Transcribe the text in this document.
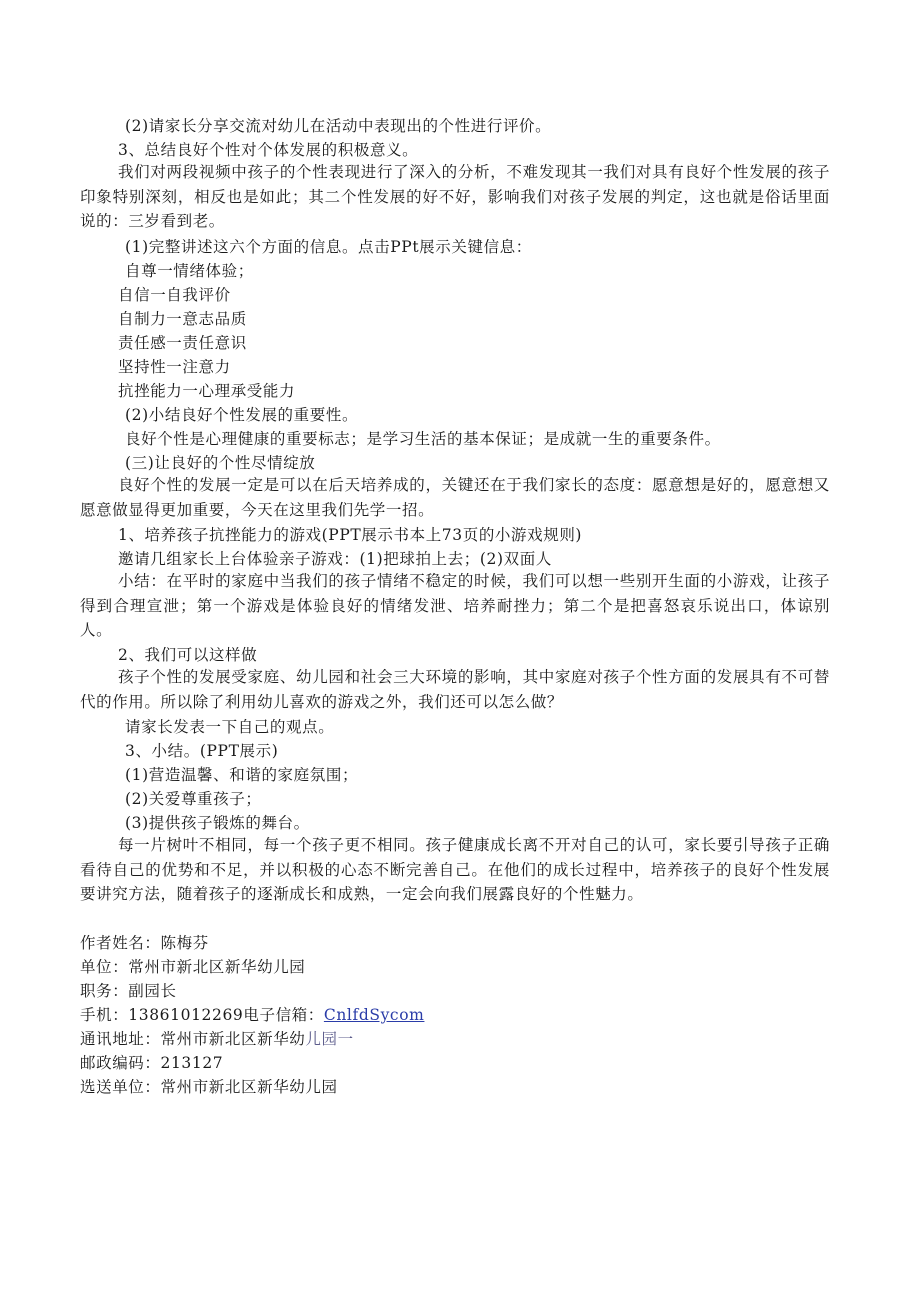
(2)请家长分享交流对幼儿在活动中表现出的个性进行评价。
3、总结良好个性对个体发展的积极意义。
我们对两段视频中孩子的个性表现进行了深入的分析，不难发现其一我们对具有良好个性发展的孩子印象特别深刻，相反也是如此；其二个性发展的好不好，影响我们对孩子发展的判定，这也就是俗话里面说的：三岁看到老。
(1)完整讲述这六个方面的信息。点击PPt展示关键信息：
自尊一情绪体验；
自信一自我评价
自制力一意志品质
责任感一责任意识
坚持性一注意力
抗挫能力一心理承受能力
(2)小结良好个性发展的重要性。
良好个性是心理健康的重要标志；是学习生活的基本保证；是成就一生的重要条件。
(三)让良好的个性尽情绽放
良好个性的发展一定是可以在后天培养成的，关键还在于我们家长的态度：愿意想是好的，愿意想又愿意做显得更加重要，今天在这里我们先学一招。
1、培养孩子抗挫能力的游戏(PPT展示书本上73页的小游戏规则)
邀请几组家长上台体验亲子游戏：(1)把球拍上去；(2)双面人
小结：在平时的家庭中当我们的孩子情绪不稳定的时候，我们可以想一些别开生面的小游戏，让孩子得到合理宣泄；第一个游戏是体验良好的情绪发泄、培养耐挫力；第二个是把喜怒哀乐说出口，体谅别人。
2、我们可以这样做
孩子个性的发展受家庭、幼儿园和社会三大环境的影响，其中家庭对孩子个性方面的发展具有不可替代的作用。所以除了利用幼儿喜欢的游戏之外，我们还可以怎么做？
请家长发表一下自己的观点。
3、小结。(PPT展示)
(1)营造温馨、和谐的家庭氛围；
(2)关爱尊重孩子；
(3)提供孩子锻炼的舞台。
每一片树叶不相同，每一个孩子更不相同。孩子健康成长离不开对自己的认可，家长要引导孩子正确看待自己的优势和不足，并以积极的心态不断完善自己。在他们的成长过程中，培养孩子的良好个性发展要讲究方法，随着孩子的逐渐成长和成熟，一定会向我们展露良好的个性魅力。
作者姓名：陈梅芬
单位：常州市新北区新华幼儿园
职务：副园长
手机：13861012269电子信箱：CnlfdSycom
通讯地址：常州市新北区新华幼儿园一
邮政编码：213127
选送单位：常州市新北区新华幼儿园
